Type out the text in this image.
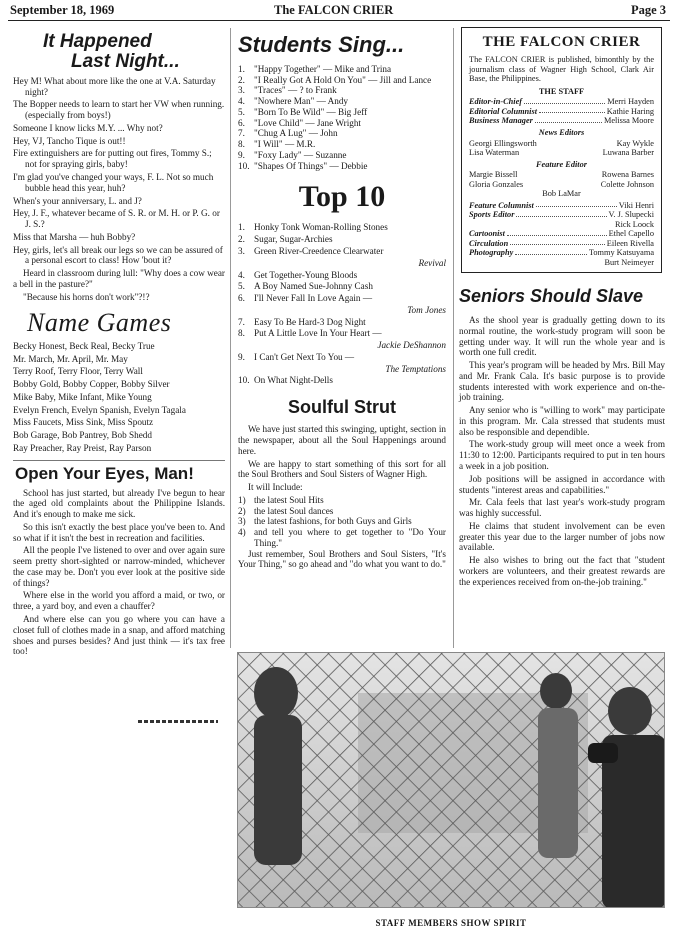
September 18, 1969	The FALCON CRIER	Page 3
It Happened
Last Night...

Hey M! What about more like the one at V.A. Saturday night?

The Bopper needs to learn to start her VW when running. (especially from boys!)

Someone I know licks M.Y. ... Why not?

Hey, VJ, Tancho Tique is out!!

Fire extinguishers are for putting out fires, Tommy S.; not for spraying girls, baby!

I'm glad you've changed your ways, F. L. Not so much bubble head this year, huh?

When's your anniversary, L. and J?

Hey, J. F., whatever became of S. R. or M. H. or P. G. or J. S.?

Miss that Marsha — huh Bobby?

Hey, girls, let's all break our legs so we can be assured of a personal escort to class! How 'bout it?

Heard in classroom during lull: "Why does a cow wear a bell in the pasture?"

"Because his horns don't work"?!?

Name Games

Becky Honest, Beck Real, Becky True

Mr. March, Mr. April, Mr. May

Terry Roof, Terry Floor, Terry Wall

Bobby Gold, Bobby Copper, Bobby Silver

Mike Baby, Mike Infant, Mike Young

Evelyn French, Evelyn Spanish, Evelyn Tagala

Miss Faucets, Miss Sink, Miss Spoutz

Bob Garage, Bob Pantrey, Bob Shedd

Ray Preacher, Ray Preist, Ray Parson

Open Your Eyes, Man!

School has just started, but already I've begun to hear the aged old complaints about the Philippine Islands. And it's enough to make me sick.

So this isn't exactly the best place you've been to. And so what if it isn't the best in recreation and facilities.

All the people I've listened to over and over again sure seem pretty short-sighted or narrow-minded, whichever the case may be. Don't you ever look at the positive side of things?

Where else in the world you afford a maid, or two, or three, a yard boy, and even a chauffer?

And where else can you go where you can have a closet full of clothes made in a snap, and afford matching shoes and purses besides? And just think — it's tax free too!

Students Sing...
1. "Happy Together" — Mike and Trina
2. "I Really Got A Hold On You" — Jill and Lance
3. "Traces" — ? to Frank
4. "Nowhere Man" — Andy
5. "Born To Be Wild" — Big Jeff
6. "Love Child" — Jane Wright
7. "Chug A Lug" — John
8. "I Will" — M.R.
9. "Foxy Lady" — Suzanne
10. "Shapes Of Things" — Debbie
Top 10
1. Honky Tonk Woman-Rolling Stones
2. Sugar, Sugar-Archies
3. Green River-Creedence Clearwater
Revival
4. Get Together-Young Bloods
5. A Boy Named Sue-Johnny Cash
6. I'll Never Fall In Love Again —
Tom Jones
7. Easy To Be Hard-3 Dog Night
8. Put A Little Love In Your Heart —
Jackie DeShannon
9. I Can't Get Next To You —
The Temptations
10. On What Night-Dells
Soulful Strut

We have just started this swinging, uptight, section in the newspaper, about all the Soul Happenings around here.

We are happy to start something of this sort for all the Soul Brothers and Soul Sisters of Wagner High.

It will Include:

1) the latest Soul Hits
2) the latest Soul dances
3) the latest fashions, for both Guys and Girls
4) and tell you where to get together to "Do Your Thing."

Just remember, Soul Brothers and Soul Sisters, "It's Your Thing," so go ahead and "do what you want to do."

THE FALCON CRIER
The FALCON CRIER is published, bimonthly by the journalism class of Wagner High School, Clark Air Base, the Philippines.
THE STAFF
Editor-in-Chief	Merri Hayden
Editorial Columnist	Kathie Haring
Business Manager	Melissa Moore
News Editors
Georgi Ellingsworth	Kay Wykle
Lisa Waterman	Luwana Barber
Feature Editor
Margie Bissell	Rowena Barnes
Gloria Gonzales	Colette Johnson
Bob LaMar
Feature Columnist	Viki Henri
Sports Editor	V. J. Slupecki
Rick Loock
Cartoonist	Ethel Capello
Circulation	Eileen Rivella
Photography	Tommy Katsuyama
Burt Neimeyer
Seniors Should Slave

As the shool year is gradually getting down to its normal routine, the work-study program will soon be getting under way. It will run the whole year and is worth one full credit.

This year's program will be headed by Mrs. Bill May and Mr. Frank Cala. It's basic purpose is to provide students interested with work experience and on-the-job training.

Any senior who is "willing to work" may participate in this program. Mr. Cala stressed that students must also be responsible and dependible.

The work-study group will meet once a week from 11:30 to 12:00. Participants required to put in ten hours a week in a job position.

Job positions will be assigned in accordance with students "interest areas and capabilities."

Mr. Cala feels that last year's work-study program was highly successful.

He claims that student involvement can be even greater this year due to the larger number of jobs now available.

He also wishes to bring out the fact that "student workers are volunteers, and their greatest rewards are the experiences received from on-the-job training."

STAFF MEMBERS SHOW SPIRIT
